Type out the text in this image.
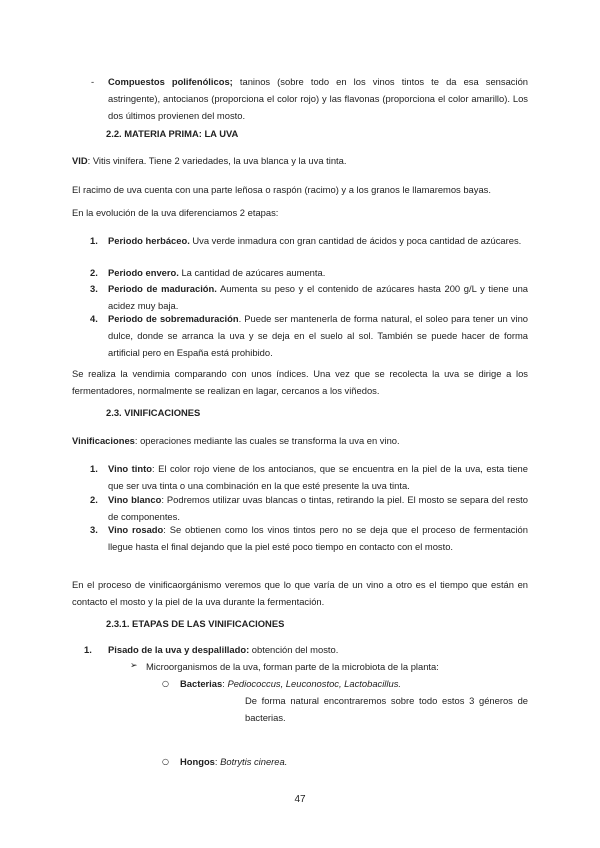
- Compuestos polifenólicos; taninos (sobre todo en los vinos tintos te da esa sensación astringente), antocianos (proporciona el color rojo) y las flavonas (proporciona el color amarillo). Los dos últimos provienen del mosto.
2.2. MATERIA PRIMA: LA UVA
VID: Vitis vinífera. Tiene 2 variedades, la uva blanca y la uva tinta.
El racimo de uva cuenta con una parte leñosa o raspón (racimo) y a los granos le llamaremos bayas.
En la evolución de la uva diferenciamos 2 etapas:
1. Periodo herbáceo. Uva verde inmadura con gran cantidad de ácidos y poca cantidad de azúcares.
2. Periodo envero. La cantidad de azúcares aumenta.
3. Periodo de maduración. Aumenta su peso y el contenido de azúcares hasta 200 g/L y tiene una acidez muy baja.
4. Periodo de sobremaduración. Puede ser mantenerla de forma natural, el soleo para tener un vino dulce, donde se arranca la uva y se deja en el suelo al sol. También se puede hacer de forma artificial pero en España está prohibido.
Se realiza la vendimia comparando con unos índices. Una vez que se recolecta la uva se dirige a los fermentadores, normalmente se realizan en lagar, cercanos a los viñedos.
2.3. VINIFICACIONES
Vinificaciones: operaciones mediante las cuales se transforma la uva en vino.
1. Vino tinto: El color rojo viene de los antocianos, que se encuentra en la piel de la uva, esta tiene que ser uva tinta o una combinación en la que esté presente la uva tinta.
2. Vino blanco: Podremos utilizar uvas blancas o tintas, retirando la piel. El mosto se separa del resto de componentes.
3. Vino rosado: Se obtienen como los vinos tintos pero no se deja que el proceso de fermentación llegue hasta el final dejando que la piel esté poco tiempo en contacto con el mosto.
En el proceso de vinificaorgánismo veremos que lo que varía de un vino a otro es el tiempo que están en contacto el mosto y la piel de la uva durante la fermentación.
2.3.1. ETAPAS DE LAS VINIFICACIONES
1. Pisado de la uva y despalillado: obtención del mosto.
➢ Microorganismos de la uva, forman parte de la microbiota de la planta:
○ Bacterias: Pediococcus, Leuconostoc, Lactobacillus.
De forma natural encontraremos sobre todo estos 3 géneros de bacterias.
○ Hongos: Botrytis cinerea.
47
